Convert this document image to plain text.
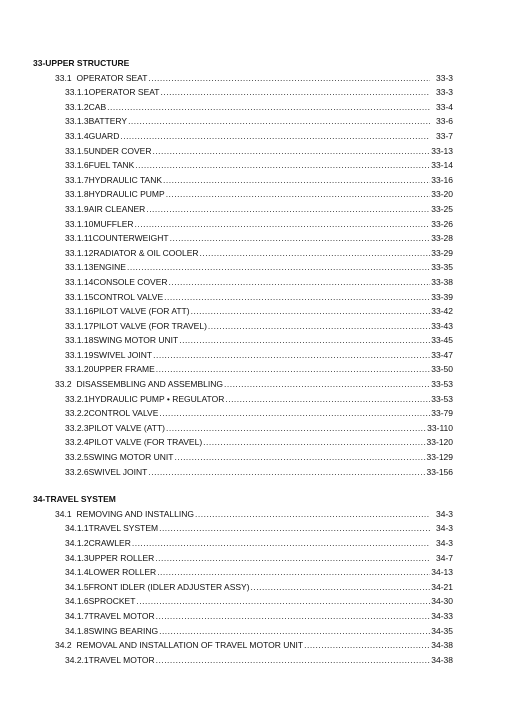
33-UPPER STRUCTURE
33.1 OPERATOR SEAT .....	33-3
33.1.1 OPERATOR SEAT .....	33-3
33.1.2 CAB .....	33-4
33.1.3 BATTERY .....	33-6
33.1.4 GUARD .....	33-7
33.1.5 UNDER COVER .....	33-13
33.1.6 FUEL TANK .....	33-14
33.1.7 HYDRAULIC TANK .....	33-16
33.1.8 HYDRAULIC PUMP .....	33-20
33.1.9 AIR CLEANER .....	33-25
33.1.10 MUFFLER .....	33-26
33.1.11 COUNTERWEIGHT .....	33-28
33.1.12 RADIATOR & OIL COOLER .....	33-29
33.1.13 ENGINE .....	33-35
33.1.14 CONSOLE COVER .....	33-38
33.1.15 CONTROL VALVE .....	33-39
33.1.16 PILOT VALVE (FOR ATT) .....	33-42
33.1.17 PILOT VALVE (FOR TRAVEL) .....	33-43
33.1.18 SWING MOTOR UNIT .....	33-45
33.1.19 SWIVEL JOINT .....	33-47
33.1.20 UPPER FRAME .....	33-50
33.2 DISASSEMBLING AND ASSEMBLING .....	33-53
33.2.1 HYDRAULIC PUMP • REGULATOR .....	33-53
33.2.2 CONTROL VALVE .....	33-79
33.2.3 PILOT VALVE (ATT) .....	33-110
33.2.4 PILOT VALVE (FOR TRAVEL) .....	33-120
33.2.5 SWING MOTOR UNIT .....	33-129
33.2.6 SWIVEL JOINT .....	33-156
34-TRAVEL SYSTEM
34.1 REMOVING AND INSTALLING .....	34-3
34.1.1 TRAVEL SYSTEM .....	34-3
34.1.2 CRAWLER .....	34-3
34.1.3 UPPER ROLLER .....	34-7
34.1.4 LOWER ROLLER .....	34-13
34.1.5 FRONT IDLER (IDLER ADJUSTER ASSY) .....	34-21
34.1.6 SPROCKET .....	34-30
34.1.7 TRAVEL MOTOR .....	34-33
34.1.8 SWING BEARING .....	34-35
34.2 REMOVAL AND INSTALLATION OF TRAVEL MOTOR UNIT .....	34-38
34.2.1 TRAVEL MOTOR .....	34-38
